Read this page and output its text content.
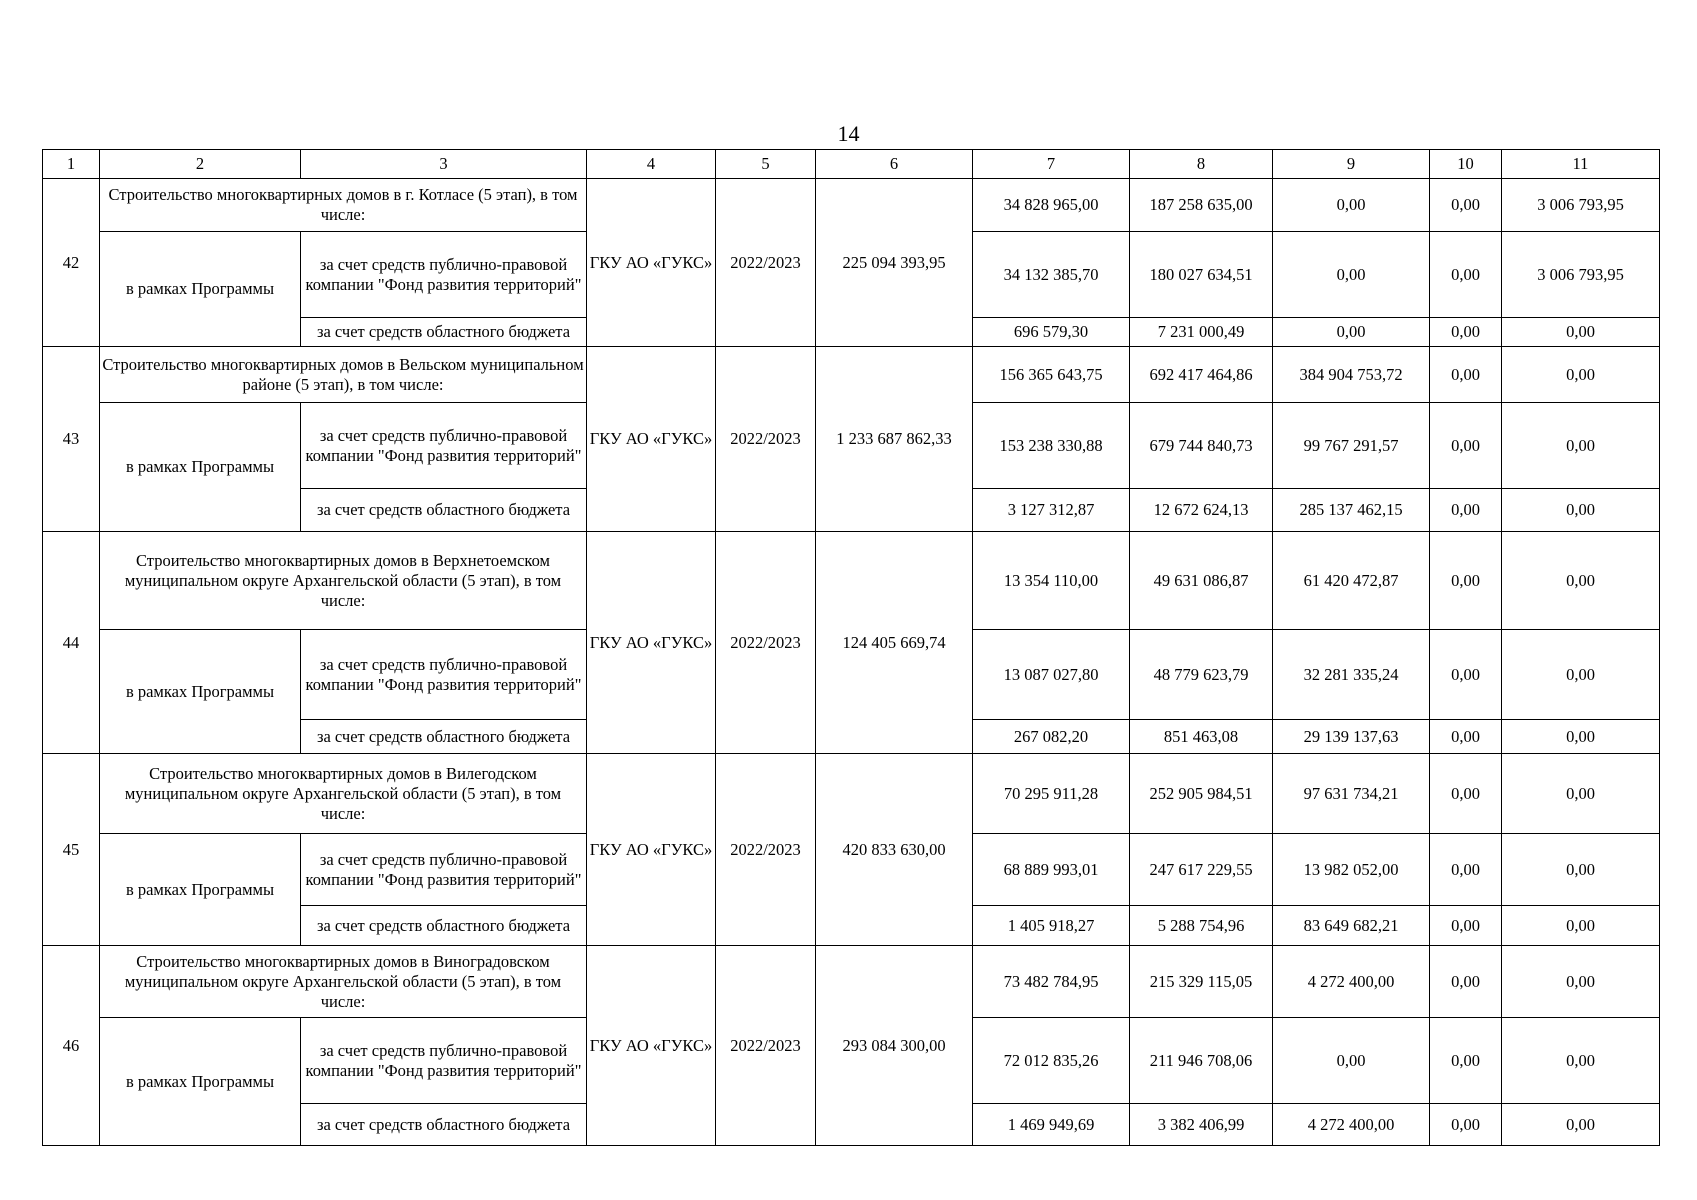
14
1	2	3	4	5	6	7	8	9	10	11
42	Строительство многоквартирных домов в г. Котласе (5 этап), в том числе:		ГКУ АО «ГУКС»	2022/2023	225 094 393,95	34 828 965,00	187 258 635,00	0,00	0,00	3 006 793,95
	в рамках Программы	за счет средств публично-правовой компании "Фонд развития территорий"				34 132 385,70	180 027 634,51	0,00	0,00	3 006 793,95
		за счет средств областного бюджета				696 579,30	7 231 000,49	0,00	0,00	0,00
43	Строительство многоквартирных домов в Вельском муниципальном районе (5 этап), в том числе:		ГКУ АО «ГУКС»	2022/2023	1 233 687 862,33	156 365 643,75	692 417 464,86	384 904 753,72	0,00	0,00
	в рамках Программы	за счет средств публично-правовой компании "Фонд развития территорий"				153 238 330,88	679 744 840,73	99 767 291,57	0,00	0,00
		за счет средств областного бюджета				3 127 312,87	12 672 624,13	285 137 462,15	0,00	0,00
44	Строительство многоквартирных домов в Верхнетоемском муниципальном округе Архангельской области (5 этап), в том числе:		ГКУ АО «ГУКС»	2022/2023	124 405 669,74	13 354 110,00	49 631 086,87	61 420 472,87	0,00	0,00
	в рамках Программы	за счет средств публично-правовой компании "Фонд развития территорий"				13 087 027,80	48 779 623,79	32 281 335,24	0,00	0,00
		за счет средств областного бюджета				267 082,20	851 463,08	29 139 137,63	0,00	0,00
45	Строительство многоквартирных домов в Вилегодском муниципальном округе Архангельской области (5 этап), в том числе:		ГКУ АО «ГУКС»	2022/2023	420 833 630,00	70 295 911,28	252 905 984,51	97 631 734,21	0,00	0,00
	в рамках Программы	за счет средств публично-правовой компании "Фонд развития территорий"				68 889 993,01	247 617 229,55	13 982 052,00	0,00	0,00
		за счет средств областного бюджета				1 405 918,27	5 288 754,96	83 649 682,21	0,00	0,00
46	Строительство многоквартирных домов в Виноградовском муниципальном округе Архангельской области (5 этап), в том числе:		ГКУ АО «ГУКС»	2022/2023	293 084 300,00	73 482 784,95	215 329 115,05	4 272 400,00	0,00	0,00
	в рамках Программы	за счет средств публично-правовой компании "Фонд развития территорий"				72 012 835,26	211 946 708,06	0,00	0,00	0,00
		за счет средств областного бюджета				1 469 949,69	3 382 406,99	4 272 400,00	0,00	0,00
